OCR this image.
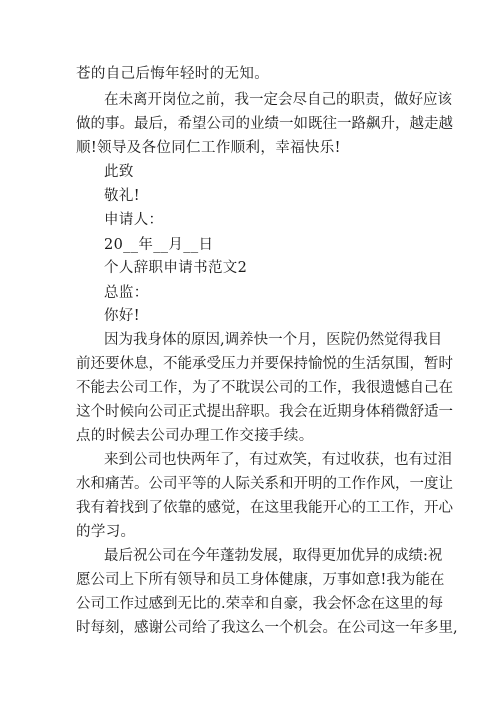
苍的自己后悔年轻时的无知。
在未离开岗位之前，我一定会尽自己的职责，做好应该
做的事。最后，希望公司的业绩一如既往一路飙升，越走越
顺!领导及各位同仁工作顺利，幸福快乐!
此致
敬礼!
申请人：
20__年__月__日
个人辞职申请书范文2
总监：
你好!
因为我身体的原因,调养快一个月，医院仍然觉得我目
前还要休息，不能承受压力并要保持愉悦的生活氛围，暂时
不能去公司工作，为了不耽误公司的工作，我很遗憾自己在
这个时候向公司正式提出辞职。我会在近期身体稍微舒适一
点的时候去公司办理工作交接手续。
来到公司也快两年了，有过欢笑，有过收获，也有过泪
水和痛苦。公司平等的人际关系和开明的工作作风，一度让
我有着找到了依靠的感觉，在这里我能开心的工工作，开心
的学习。
最后祝公司在今年蓬勃发展，取得更加优异的成绩:祝
愿公司上下所有领导和员工身体健康，万事如意!我为能在
公司工作过感到无比的.荣幸和自豪，我会怀念在这里的每
时每刻，感谢公司给了我这么一个机会。在公司这一年多里,
